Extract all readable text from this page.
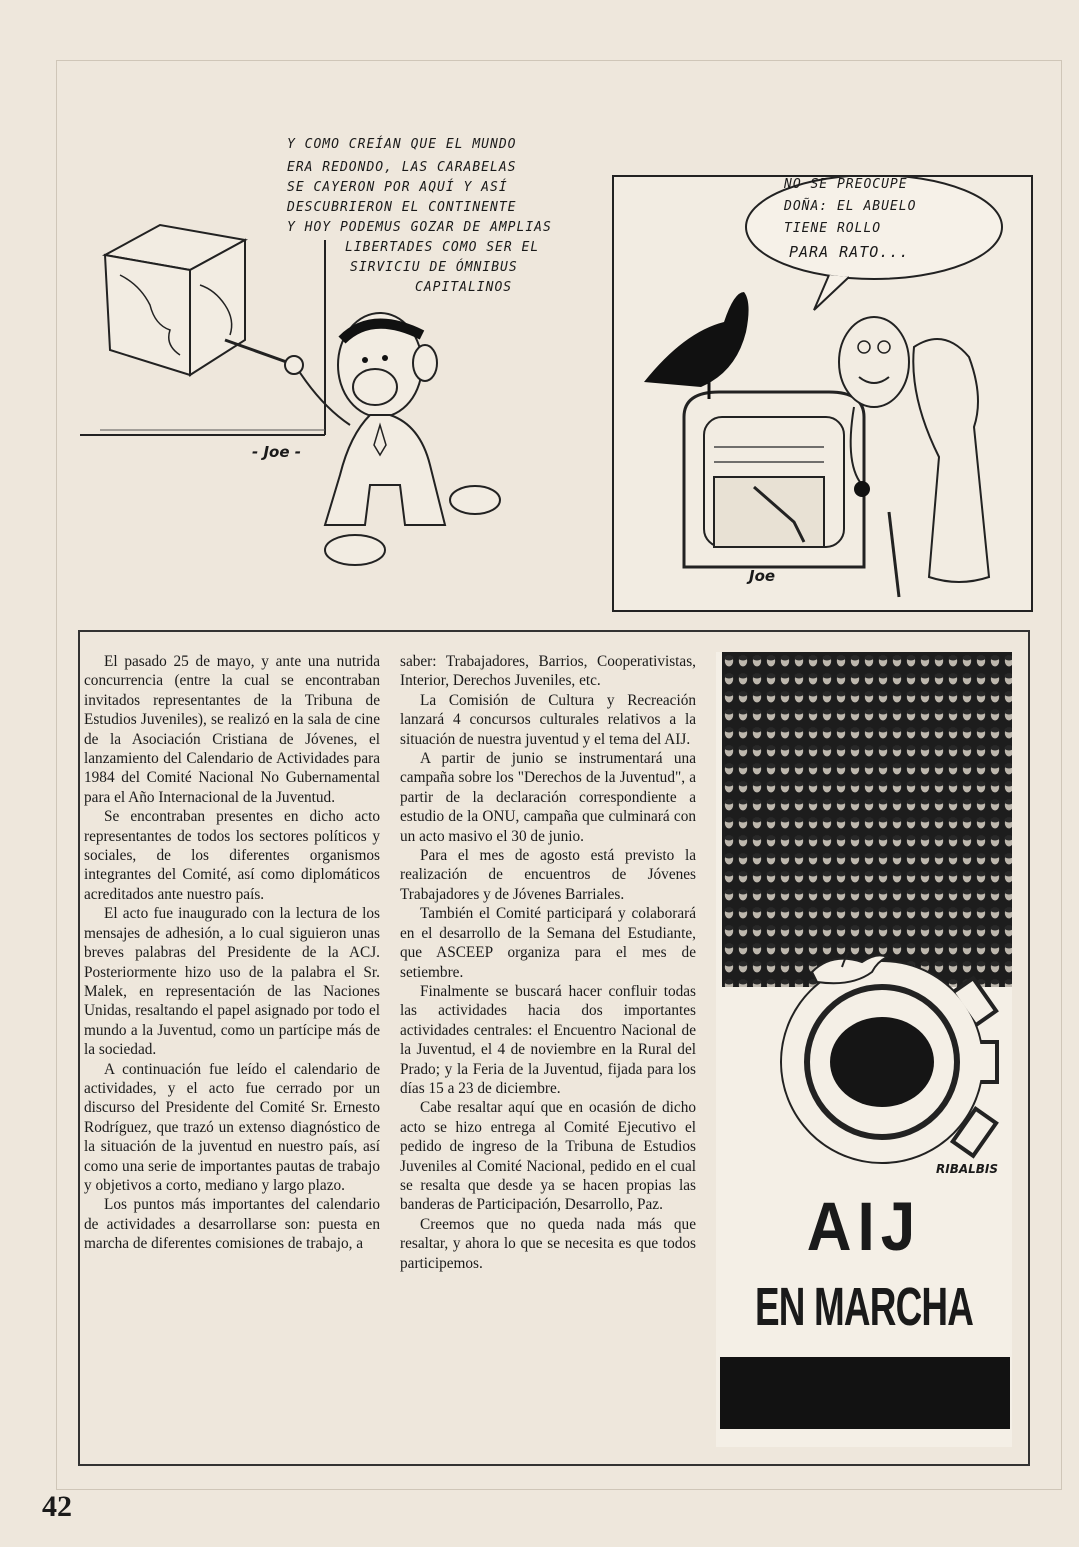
Y COMO CREÍAN QUE EL MUNDO
ERA REDONDO, LAS CARABELAS
SE CAYERON POR AQUÍ Y ASÍ
DESCUBRIERON EL CONTINENTE
Y HOY PODEMUS GOZAR DE AMPLIAS
LIBERTADES COMO SER EL
SIRVICIU DE ÓMNIBUS
CAPITALINOS
- Joe -
NO SE PREOCUPE
DOÑA: EL ABUELO
TIENE ROLLO
PARA RATO...
Joe

El pasado 25 de mayo, y ante una nutrida concurrencia (entre la cual se encontraban invitados representantes de la Tribuna de Estudios Juveniles), se realizó en la sala de cine de la Asociación Cristiana de Jóvenes, el lanzamiento del Calendario de Actividades para 1984 del Comité Nacional No Gubernamental para el Año Internacional de la Juventud.

Se encontraban presentes en dicho acto representantes de todos los sectores políticos y sociales, de los diferentes organismos integrantes del Comité, así como diplomáticos acreditados ante nuestro país.

El acto fue inaugurado con la lectura de los mensajes de adhesión, a lo cual siguieron unas breves palabras del Presidente de la ACJ. Posteriormente hizo uso de la palabra el Sr. Malek, en representación de las Naciones Unidas, resaltando el papel asignado por todo el mundo a la Juventud, como un partícipe más de la sociedad.

A continuación fue leído el calendario de actividades, y el acto fue cerrado por un discurso del Presidente del Comité Sr. Ernesto Rodríguez, que trazó un extenso diagnóstico de la situación de la juventud en nuestro país, así como una serie de importantes pautas de trabajo y objetivos a corto, mediano y largo plazo.

Los puntos más importantes del calendario de actividades a desarrollarse son: puesta en marcha de diferentes comisiones de trabajo, a

saber: Trabajadores, Barrios, Cooperativistas, Interior, Derechos Juveniles, etc.

La Comisión de Cultura y Recreación lanzará 4 concursos culturales relativos a la situación de nuestra juventud y el tema del AIJ.

A partir de junio se instrumentará una campaña sobre los "Derechos de la Juventud", a partir de la declaración correspondiente a estudio de la ONU, campaña que culminará con un acto masivo el 30 de junio.

Para el mes de agosto está previsto la realización de encuentros de Jóvenes Trabajadores y de Jóvenes Barriales.

También el Comité participará y colaborará en el desarrollo de la Semana del Estudiante, que ASCEEP organiza para el mes de setiembre.

Finalmente se buscará hacer confluir todas las actividades hacia dos importantes actividades centrales: el Encuentro Nacional de la Juventud, el 4 de noviembre en la Rural del Prado; y la Feria de la Juventud, fijada para los días 15 a 23 de diciembre.

Cabe resaltar aquí que en ocasión de dicho acto se hizo entrega al Comité Ejecutivo el pedido de ingreso de la Tribuna de Estudios Juveniles al Comité Nacional, pedido en el cual se resalta que desde ya se hacen propias las banderas de Participación, Desarrollo, Paz.

Creemos que no queda nada más que resaltar, y ahora lo que se necesita es que todos participemos.

RIBALBIS
AIJ
EN MARCHA
42
